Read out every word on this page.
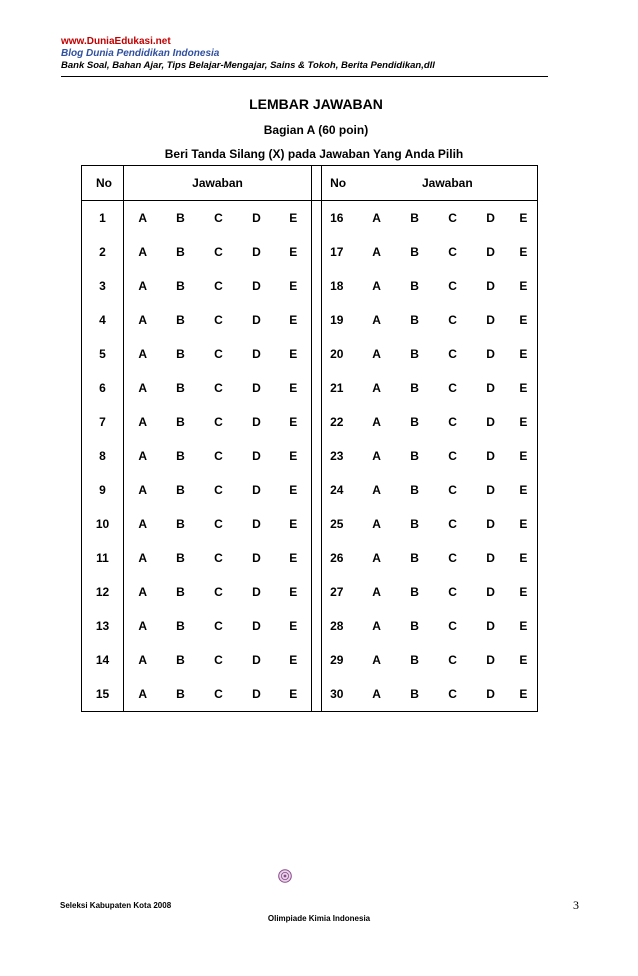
www.DuniaEdukasi.net
Blog Dunia Pendidikan Indonesia
Bank Soal, Bahan Ajar, Tips Belajar-Mengajar, Sains & Tokoh, Berita Pendidikan,dll
LEMBAR JAWABAN
Bagian A (60 poin)
Beri Tanda Silang (X) pada Jawaban Yang Anda Pilih
No	Jawaban						No	Jawaban				
1	A	B	C	D	E		16	A	B	C	D	E
2	A	B	C	D	E		17	A	B	C	D	E
3	A	B	C	D	E		18	A	B	C	D	E
4	A	B	C	D	E		19	A	B	C	D	E
5	A	B	C	D	E		20	A	B	C	D	E
6	A	B	C	D	E		21	A	B	C	D	E
7	A	B	C	D	E		22	A	B	C	D	E
8	A	B	C	D	E		23	A	B	C	D	E
9	A	B	C	D	E		24	A	B	C	D	E
10	A	B	C	D	E		25	A	B	C	D	E
11	A	B	C	D	E		26	A	B	C	D	E
12	A	B	C	D	E		27	A	B	C	D	E
13	A	B	C	D	E		28	A	B	C	D	E
14	A	B	C	D	E		29	A	B	C	D	E
15	A	B	C	D	E		30	A	B	C	D	E
Seleksi Kabupaten Kota 2008
Olimpiade Kimia Indonesia
3
